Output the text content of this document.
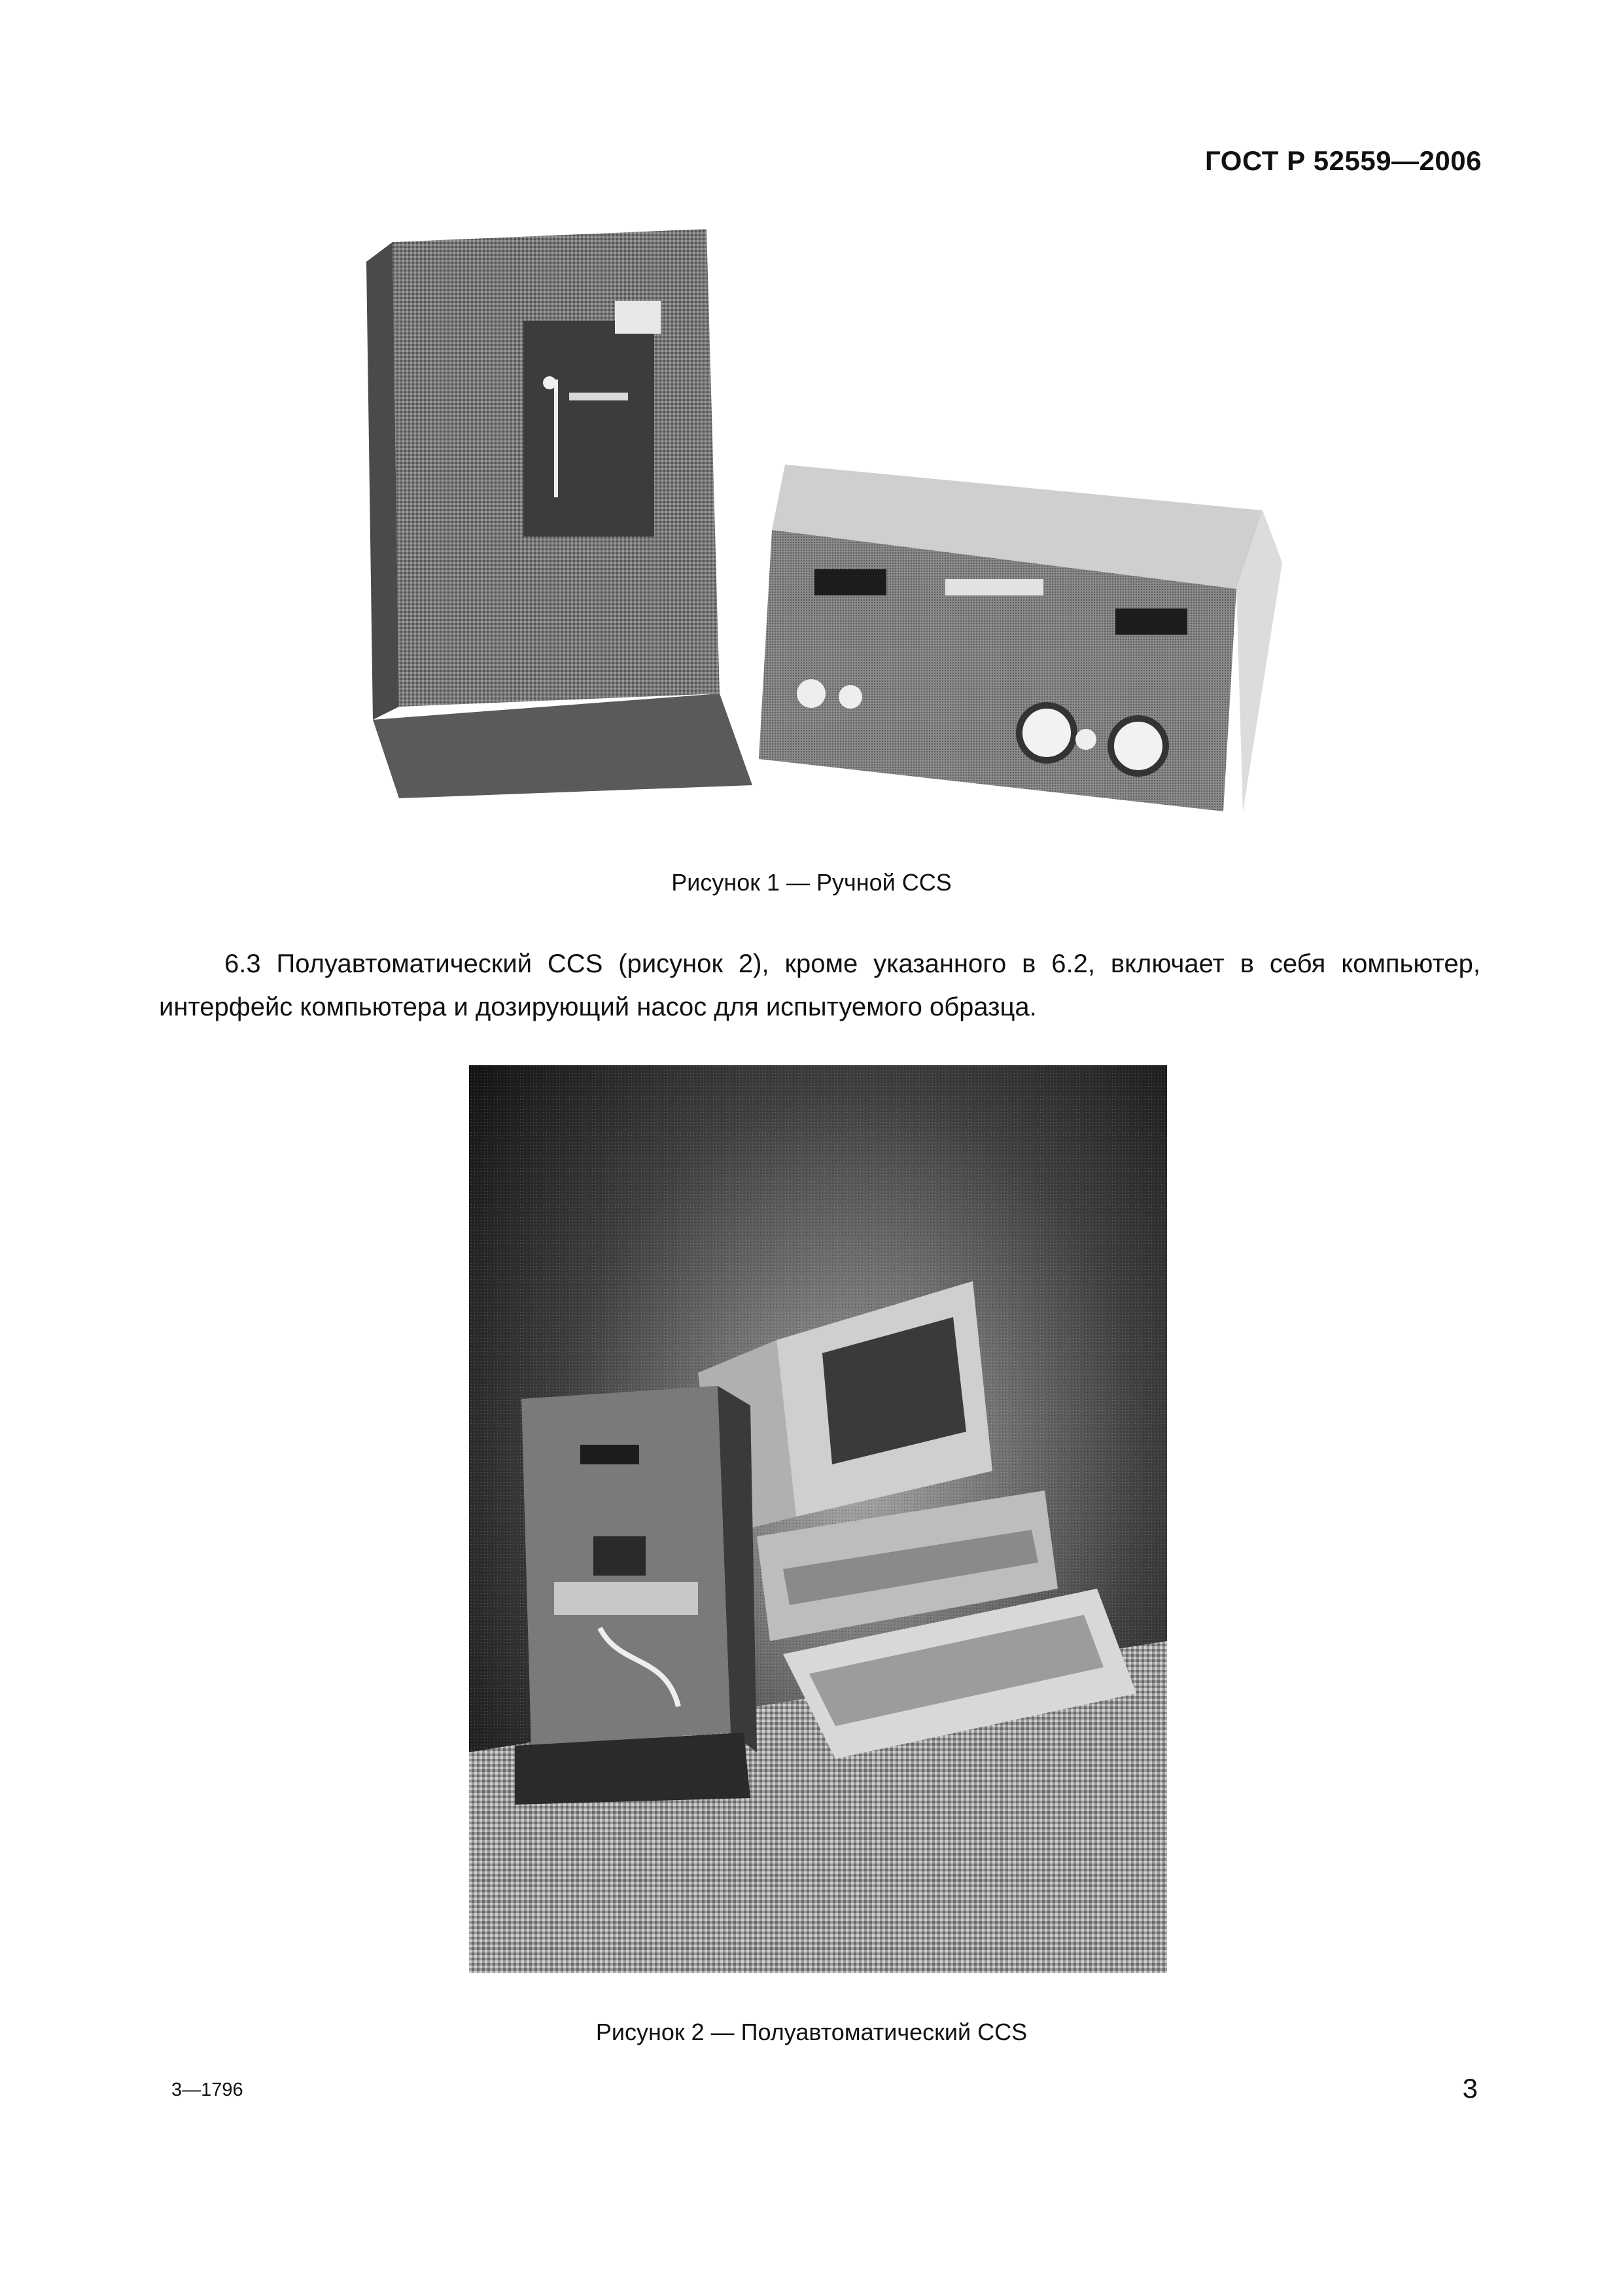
ГОСТ Р 52559—2006
Рисунок 1 — Ручной CCS

6.3 Полуавтоматический CCS (рисунок 2), кроме указанного в 6.2, включает в себя компьютер, интерфейс компьютера и дозирующий насос для испытуемого образца.

Рисунок 2 — Полуавтоматический CCS
3—1796	3
